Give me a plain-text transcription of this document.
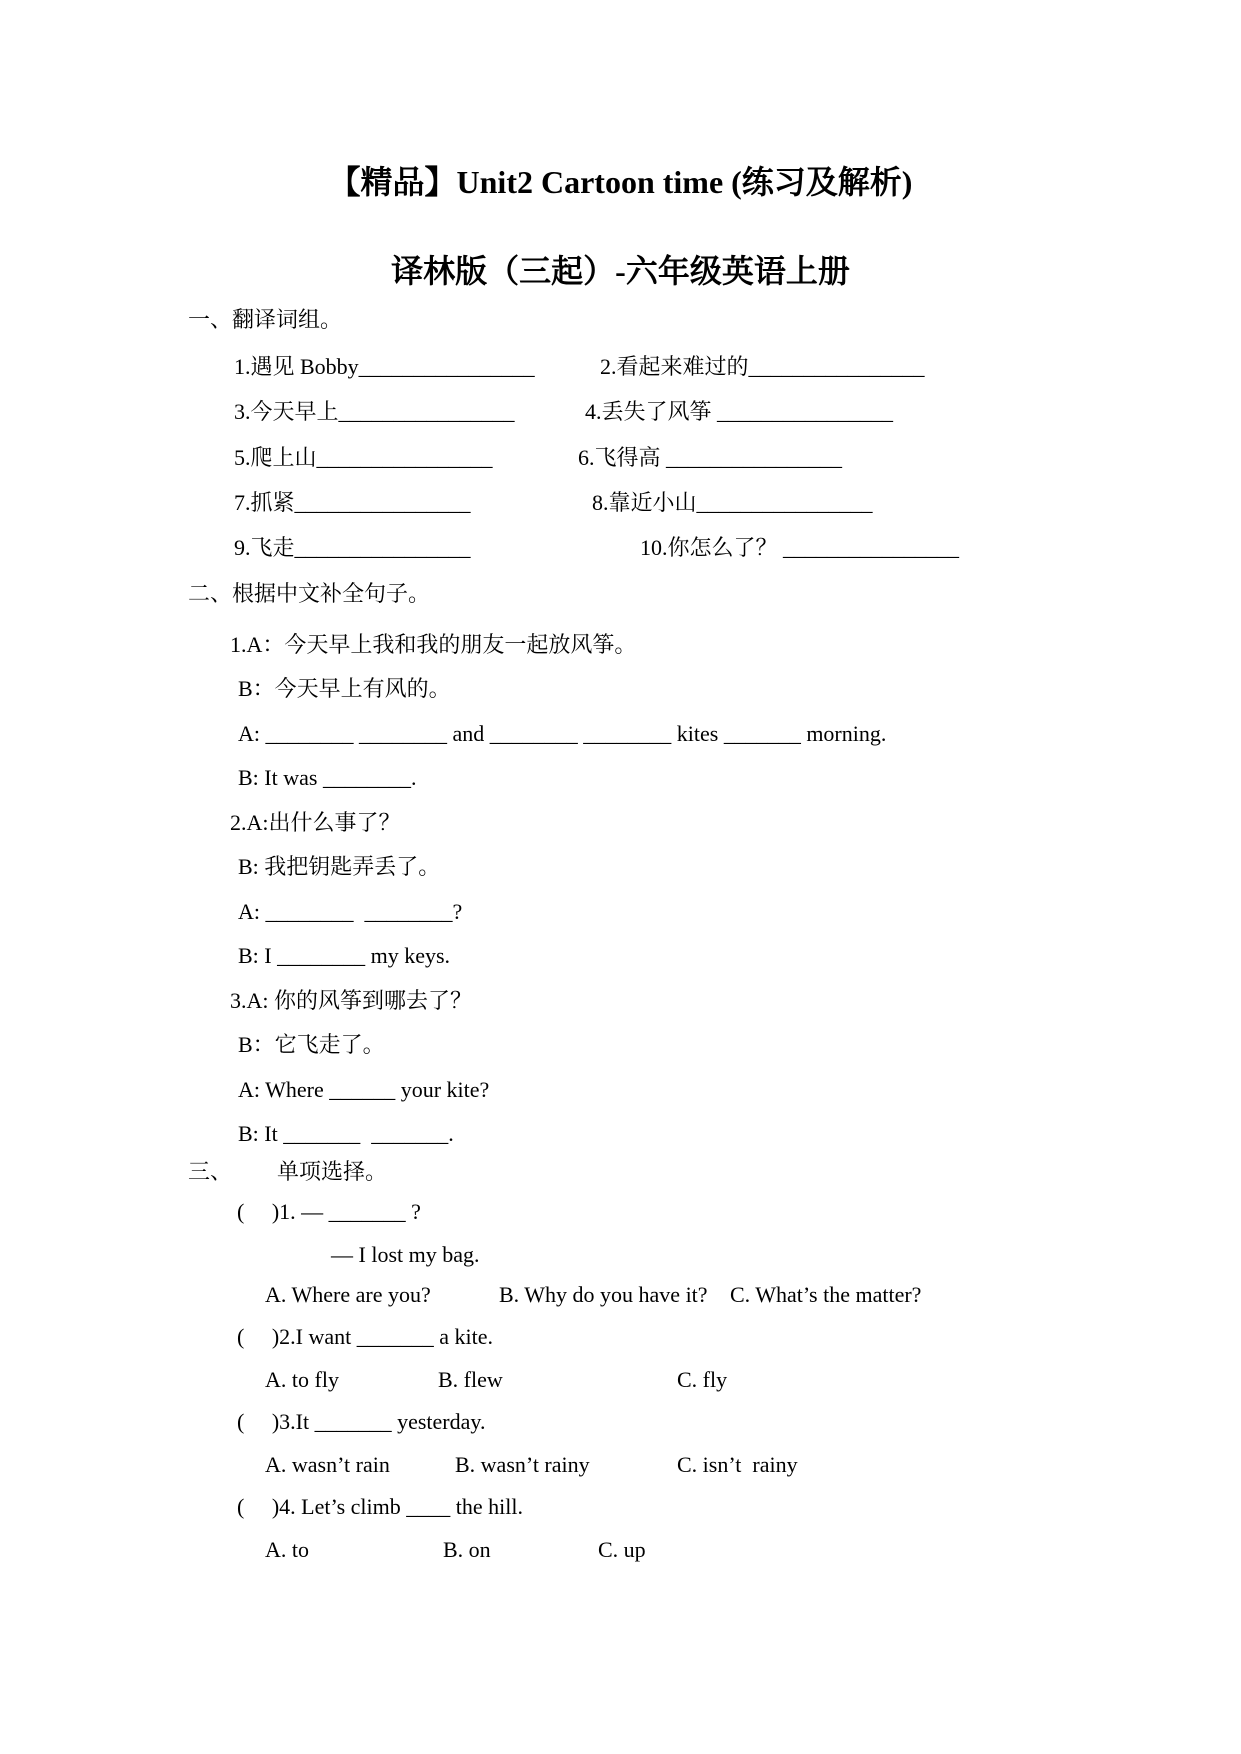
【精品】Unit2 Cartoon time (练习及解析)
译林版（三起）-六年级英语上册
一、翻译词组。
1.遇见 Bobby________________	2.看起来难过的________________
3.今天早上________________	4.丢失了风筝 ________________
5.爬上山________________	6.飞得高 ________________
7.抓紧________________	8.靠近小山________________
9.飞走________________	10.你怎么了？ ________________
二、根据中文补全句子。
1.A：今天早上我和我的朋友一起放风筝。
B：今天早上有风的。
A: ________ ________ and ________ ________ kites _______ morning.
B: It was ________.
2.A:出什么事了？
B: 我把钥匙弄丢了。
A: ________  ________?
B: I ________ my keys.
3.A: 你的风筝到哪去了？
B：它飞走了。
A: Where ______ your kite?
B: It _______  _______.
三、 单项选择。
(     )1. — _______ ?
— I lost my bag.
A. Where are you?	B. Why do you have it? C. What’s the matter?
(     )2.I want _______ a kite.
A. to fly	B. flew	C. fly
(     )3.It _______ yesterday.
A. wasn’t rain	B. wasn’t rainy	C. isn’t  rainy
(     )4. Let’s climb ____ the hill.
A. to	B. on	C. up
